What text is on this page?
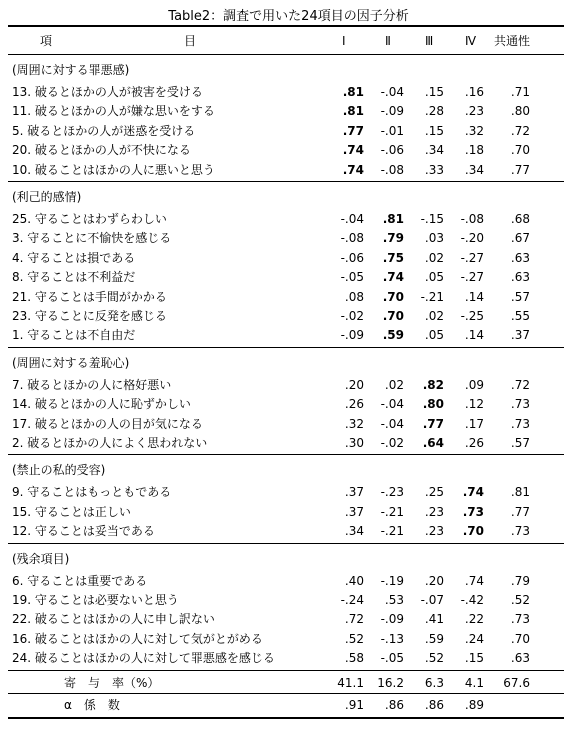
Table2：調査で用いた24項目の因子分析
項　　　　　　　　　　　目	Ⅰ	Ⅱ	Ⅲ	Ⅳ 共通性
(周囲に対する罪悪感)
13. 破るとほかの人が被害を受ける	.81	-.04	.15	.16	.71
11. 破るとほかの人が嫌な思いをする	.81	-.09	.28	.23	.80
5. 破るとほかの人が迷惑を受ける	.77	-.01	.15	.32	.72
20. 破るとほかの人が不快になる	.74	-.06	.34	.18	.70
10. 破ることはほかの人に悪いと思う	.74	-.08	.33	.34	.77
(利己的感情)
25. 守ることはわずらわしい	-.04	.81	-.15	-.08	.68
3. 守ることに不愉快を感じる	-.08	.79	.03	-.20	.67
4. 守ることは損である	-.06	.75	.02	-.27	.63
8. 守ることは不利益だ	-.05	.74	.05	-.27	.63
21. 守ることは手間がかかる	.08	.70	-.21	.14	.57
23. 守ることに反発を感じる	-.02	.70	.02	-.25	.55
1. 守ることは不自由だ	-.09	.59	.05	.14	.37
(周囲に対する羞恥心)
7. 破るとほかの人に格好悪い	.20	.02	.82	.09	.72
14. 破るとほかの人に恥ずかしい	.26	-.04	.80	.12	.73
17. 破るとほかの人の目が気になる	.32	-.04	.77	.17	.73
2. 破るとほかの人によく思われない	.30	-.02	.64	.26	.57
(禁止の私的受容)
9. 守ることはもっともである	.37	-.23	.25	.74	.81
15. 守ることは正しい	.37	-.21	.23	.73	.77
12. 守ることは妥当である	.34	-.21	.23	.70	.73
(残余項目)
6. 守ることは重要である	.40	-.19	.20	.74	.79
19. 守ることは必要ないと思う	-.24	.53	-.07	-.42	.52
22. 破ることはほかの人に申し訳ない	.72	-.09	.41	.22	.73
16. 破ることはほかの人に対して気がとがめる	.52	-.13	.59	.24	.70
24. 破ることはほかの人に対して罪悪感を感じる	.58	-.05	.52	.15	.63
寄　与　率（%）	41.1	16.2	6.3	4.1	67.6
α　係　数	.91	.86	.86	.89
